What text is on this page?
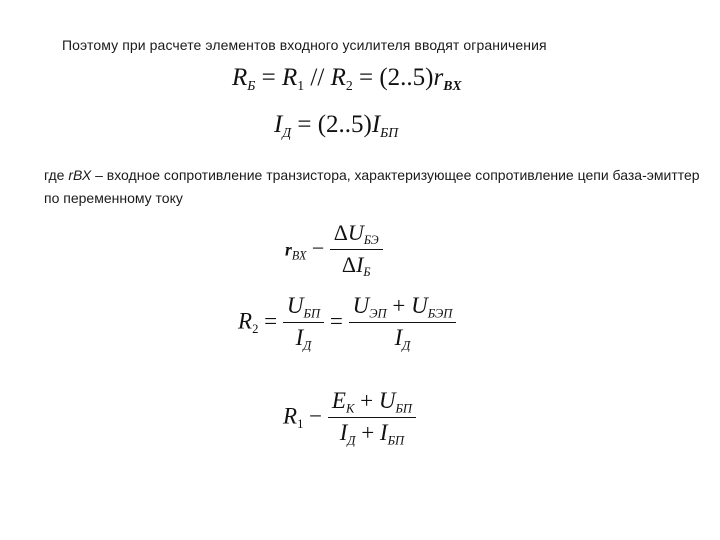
Поэтому при расчете элементов входного усилителя вводят ограничения
$R_Б = R_1 // R_2 = (2..5)r_{BX}$
$I_Д = (2..5)I_{БП}$
где rВХ – входное сопротивление транзистора, характеризующее сопротивление цепи база-эмиттер по переменному току
$r_{ВХ} - \frac{\Delta U_{БЭ}}{\Delta I_Б}$
$R_2 = \frac{U_{БП}}{I_Д} = \frac{U_{ЭП} + U_{БЭП}}{I_Д}$
$R_1 - \frac{E_К + U_{БП}}{I_Д + I_{БП}}$
